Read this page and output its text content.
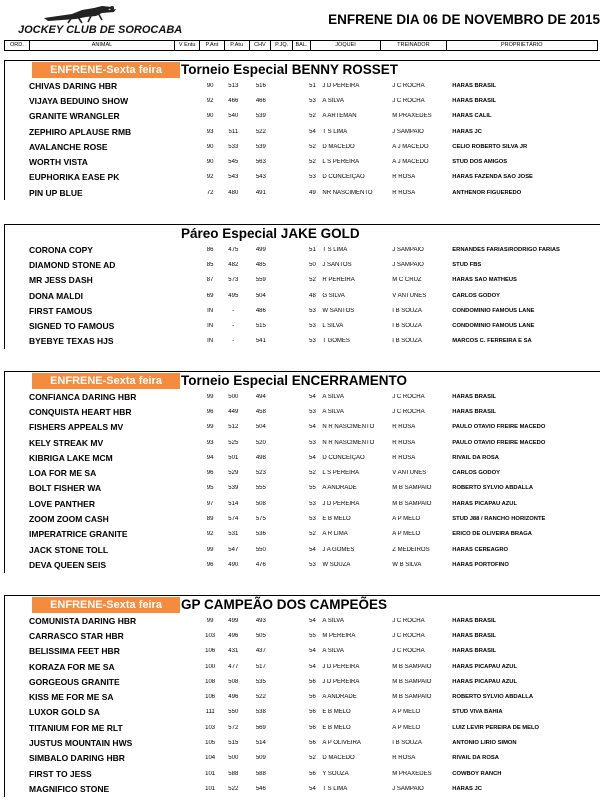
JOCKEY CLUB DE SOROCABA
ENFRENE DIA 06 DE NOVEMBRO DE 2015
ORD.	ANIMAL	V Entu	P.Ant	P.Atu	CHV	P.JQ.	BAL.	JOQUEI	TREINADOR	PROPRIETÁRIO
ENFRENE-Sexta feira	Torneio Especial BENNY ROSSET
CHIVAS DARING HBR	90	513	516	51	J D PEREIRA	J C ROCHA	HARAS BRASIL
VIJAYA BEDUINO SHOW	92	466	466	53	A SILVA	J C ROCHA	HARAS BRASIL
GRANITE WRANGLER	90	540	539	52	A ARTEMAN	M PRAXEDES	HARAS CALIL
ZEPHIRO APLAUSE RMB	93	511	522	54	T S LIMA	J SAMPAIO	HARAS JC
AVALANCHE ROSE	90	533	539	52	D MACEDO	A J MACEDO	CELIO ROBERTO SILVA JR
WORTH VISTA	90	545	563	52	L S PEREIRA	A J MACEDO	STUD DOS AMIGOS
EUPHORIKA EASE PK	92	543	543	53	D CONCEIÇÃO	R ROSA	HARAS FAZENDA SAO JOSE
PIN UP BLUE	72	480	491	49	NR NASCIMENTO	R ROSA	ANTHENOR FIGUEREDO
Páreo Especial JAKE GOLD
CORONA COPY	86	475	499	51	T S LIMA	J SAMPAIO	ERNANDES FARIAS/RODRIGO FARIAS
DIAMOND STONE AD	85	482	485	50	J SANTOS	J SAMPAIO	STUD FBS
MR JESS DASH	87	573	559	52	R PEREIRA	M C CRUZ	HARAS SAO MATHEUS
DONA MALDI	69	495	504	48	G SILVA	V ANTUNES	CARLOS GODOY
FIRST FAMOUS	IN	-	486	53	W SANTOS	I B SOUZA	CONDOMINIO FAMOUS LANE
SIGNED TO FAMOUS	IN	-	515	53	L SILVA	I B SOUZA	CONDOMINIO FAMOUS LANE
BYEBYE TEXAS HJS	IN	-	541	53	T GOMES	I B SOUZA	MARCOS C. FERREIRA E SA
ENFRENE-Sexta feira	Torneio Especial ENCERRAMENTO
CONFIANCA DARING HBR	99	500	494	54	A SILVA	J C ROCHA	HARAS BRASIL
CONQUISTA HEART HBR	96	449	458	53	A SILVA	J C ROCHA	HARAS BRASIL
FISHERS APPEALS MV	99	512	504	54	N R NASCIMENTO	R ROSA	PAULO OTAVIO FREIRE MACEDO
KELY STREAK MV	93	525	520	53	N R NASCIMENTO	R ROSA	PAULO OTAVIO FREIRE MACEDO
KIBRIGA LAKE MCM	94	501	498	54	D CONCEIÇÃO	R ROSA	RIVAIL DA ROSA
LOA FOR ME SA	96	529	523	52	L S PEREIRA	V ANTUNES	CARLOS GODOY
BOLT FISHER WA	95	539	555	55	A ANDRADE	M B SAMPAIO	ROBERTO SYLVIO ABDALLA
LOVE PANTHER	97	514	508	53	J D PEREIRA	M B SAMPAIO	HARAS PICAPAU AZUL
ZOOM ZOOM CASH	89	574	575	53	E B MELO	A P MELO	STUD J88 / RANCHO HORIZONTE
IMPERATRICE GRANITE	92	531	536	52	A R LIMA	A P MELO	ERICO DE OLIVEIRA BRAGA
JACK STONE TOLL	99	547	550	54	J A GOMES	Z MEDEIROS	HARAS CEREAGRO
DEVA QUEEN SEIS	96	490	476	53	W SOUZA	W B SILVA	HARAS PORTOFINO
ENFRENE-Sexta feira	GP CAMPEÃO DOS CAMPEÕES
COMUNISTA DARING HBR	99	499	493	54	A SILVA	J C ROCHA	HARAS BRASIL
CARRASCO STAR HBR	103	496	505	55	M PEREIRA	J C ROCHA	HARAS BRASIL
BELISSIMA FEET HBR	106	431	437	54	A SILVA	J C ROCHA	HARAS BRASIL
KORAZA FOR ME SA	100	477	517	54	J D PEREIRA	M B SAMPAIO	HARAS PICAPAU AZUL
GORGEOUS GRANITE	108	508	535	56	J D PEREIRA	M B SAMPAIO	HARAS PICAPAU AZUL
KISS ME FOR ME SA	106	496	522	56	A ANDRADE	M B SAMPAIO	ROBERTO SYLVIO ABDALLA
LUXOR GOLD SA	111	550	538	56	E B MELO	A P MELO	STUD VIVA BAHIA
TITANIUM FOR ME RLT	103	572	569	56	E B MELO	A P MELO	LUIZ LEVIR PEREIRA DE MELO
JUSTUS MOUNTAIN HWS	105	515	514	56	A P OLIVEIRA	I B SOUZA	ANTONIO LIRIO SIMON
SIMBALO DARING HBR	104	500	509	52	D MACEDO	R ROSA	RIVAIL DA ROSA
FIRST TO JESS	101	588	588	56	Y SOUZA	M PRAXEDES	COWBOY RANCH
MAGNIFICO STONE	101	522	546	54	T S LIMA	J SAMPAIO	HARAS JC
